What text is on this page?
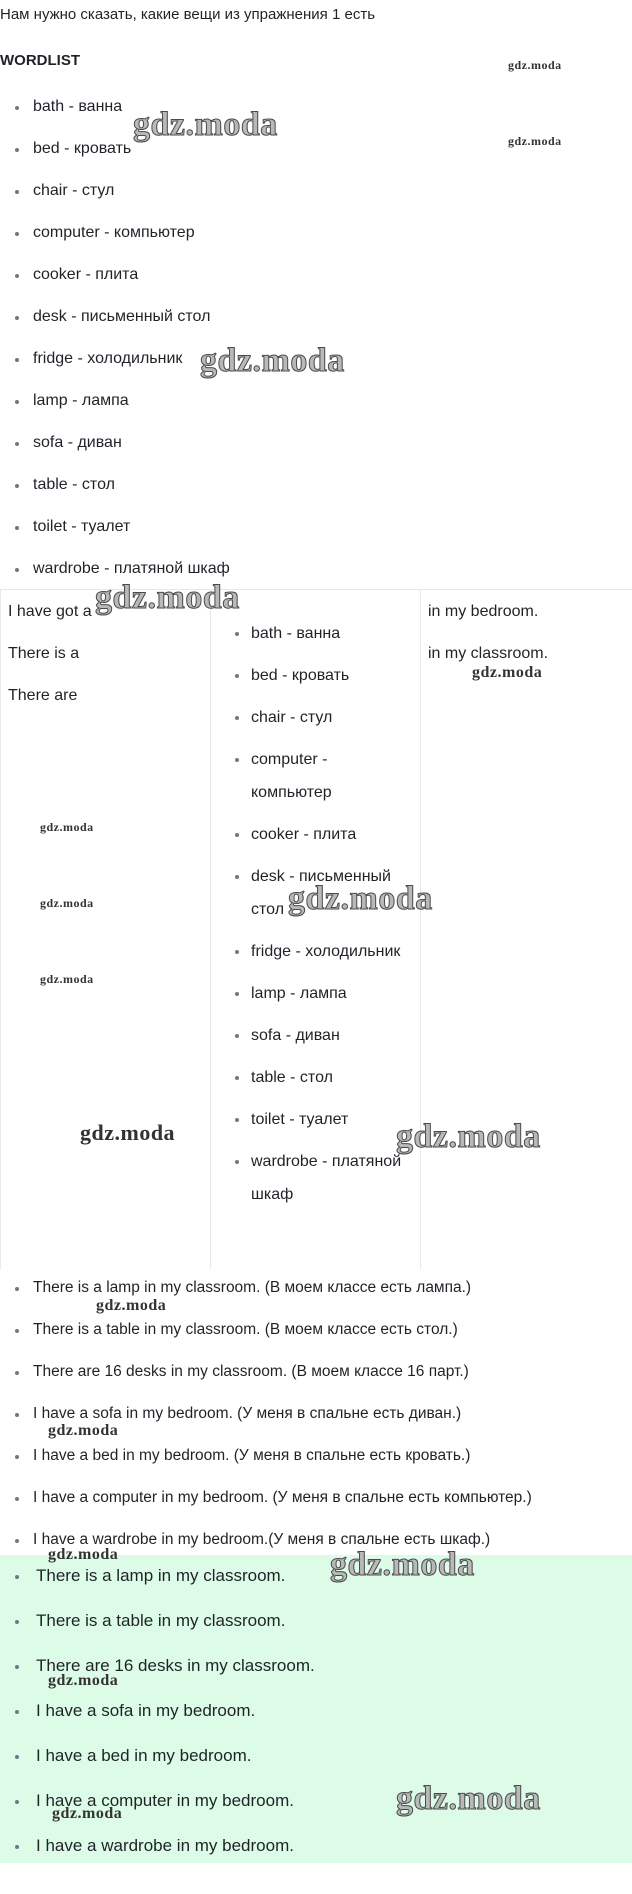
Нам нужно сказать, какие вещи из упражнения 1 есть
WORDLIST
bath - ванна
bed - кровать
chair - стул
computer - компьютер
cooker - плита
desk - письменный стол
fridge - холодильник
lamp - лампа
sofa - диван
table - стол
toilet - туалет
wardrobe - платяной шкаф
I have got a
There is a
There are
bath - ванна
bed - кровать
chair - стул
computer - компьютер
cooker - плита
desk - письменный стол
fridge - холодильник
lamp - лампа
sofa - диван
table - стол
toilet - туалет
wardrobe - платяной шкаф
in my bedroom.
in my classroom.
There is a lamp in my classroom. (В моем классе есть лампа.)
There is a table in my classroom. (В моем классе есть стол.)
There are 16 desks in my classroom. (В моем классе 16 парт.)
I have a sofa in my bedroom. (У меня в спальне есть диван.)
I have a bed in my bedroom. (У меня в спальне есть кровать.)
I have a computer in my bedroom. (У меня в спальне есть компьютер.)
I have a wardrobe in my bedroom.(У меня в спальне есть шкаф.)
There is a lamp in my classroom.
There is a table in my classroom.
There are 16 desks in my classroom.
I have a sofa in my bedroom.
I have a bed in my bedroom.
I have a computer in my bedroom.
I have a wardrobe in my bedroom.
gdz.moda
gdz.moda
gdz.moda
gdz.moda
gdz.moda
gdz.moda
gdz.moda
gdz.moda
gdz.moda
gdz.moda
gdz.moda	gdz.moda
gdz.moda
gdz.moda
gdz.moda	gdz.moda
gdz.moda
gdz.moda
gdz.moda
